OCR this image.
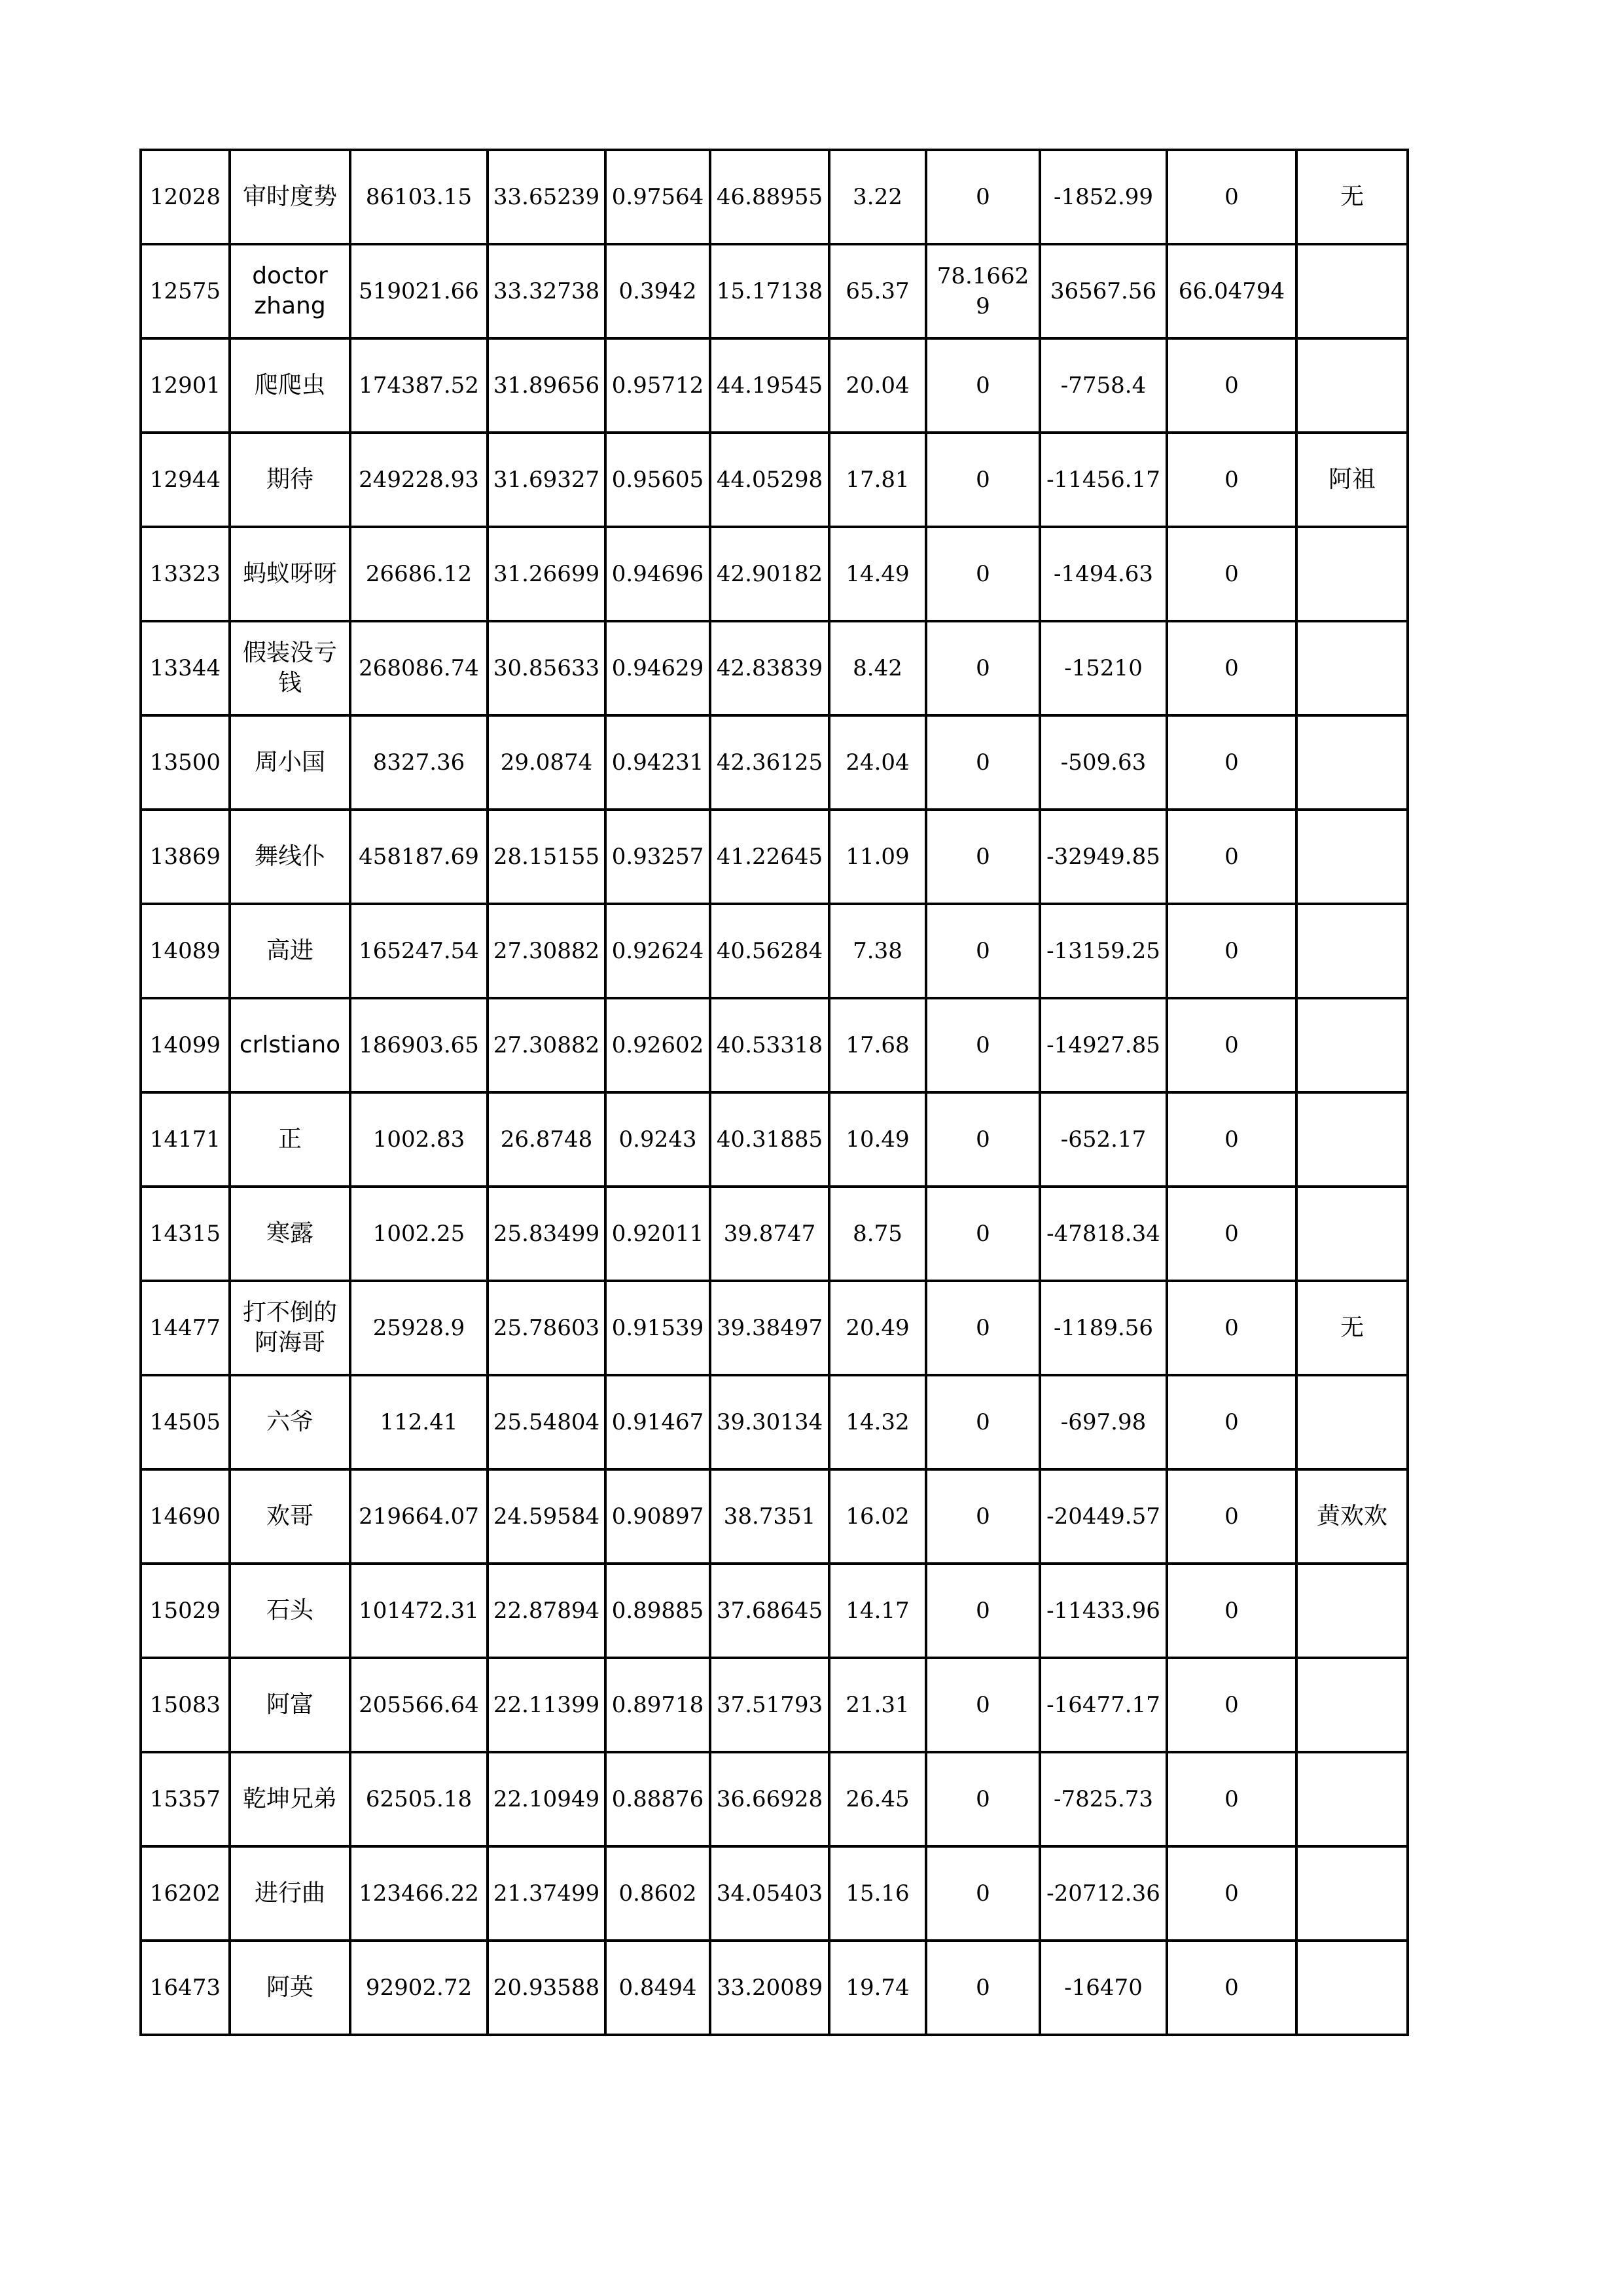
12028	审时度势	86103.15	33.65239	0.97564	46.88955	3.22	0	-1852.99	0	无
12575	doctor zhang	519021.66	33.32738	0.3942	15.17138	65.37	78.16629	36567.56	66.04794	
12901	爬爬虫	174387.52	31.89656	0.95712	44.19545	20.04	0	-7758.4	0	
12944	期待	249228.93	31.69327	0.95605	44.05298	17.81	0	-11456.17	0	阿祖
13323	蚂蚁呀呀	26686.12	31.26699	0.94696	42.90182	14.49	0	-1494.63	0	
13344	假装没亏钱	268086.74	30.85633	0.94629	42.83839	8.42	0	-15210	0	
13500	周小国	8327.36	29.0874	0.94231	42.36125	24.04	0	-509.63	0	
13869	舞线仆	458187.69	28.15155	0.93257	41.22645	11.09	0	-32949.85	0	
14089	高进	165247.54	27.30882	0.92624	40.56284	7.38	0	-13159.25	0	
14099	crlstiano	186903.65	27.30882	0.92602	40.53318	17.68	0	-14927.85	0	
14171	正	1002.83	26.8748	0.9243	40.31885	10.49	0	-652.17	0	
14315	寒露	1002.25	25.83499	0.92011	39.8747	8.75	0	-47818.34	0	
14477	打不倒的阿海哥	25928.9	25.78603	0.91539	39.38497	20.49	0	-1189.56	0	无
14505	六爷	112.41	25.54804	0.91467	39.30134	14.32	0	-697.98	0	
14690	欢哥	219664.07	24.59584	0.90897	38.7351	16.02	0	-20449.57	0	黄欢欢
15029	石头	101472.31	22.87894	0.89885	37.68645	14.17	0	-11433.96	0	
15083	阿富	205566.64	22.11399	0.89718	37.51793	21.31	0	-16477.17	0	
15357	乾坤兄弟	62505.18	22.10949	0.88876	36.66928	26.45	0	-7825.73	0	
16202	进行曲	123466.22	21.37499	0.8602	34.05403	15.16	0	-20712.36	0	
16473	阿英	92902.72	20.93588	0.8494	33.20089	19.74	0	-16470	0	
